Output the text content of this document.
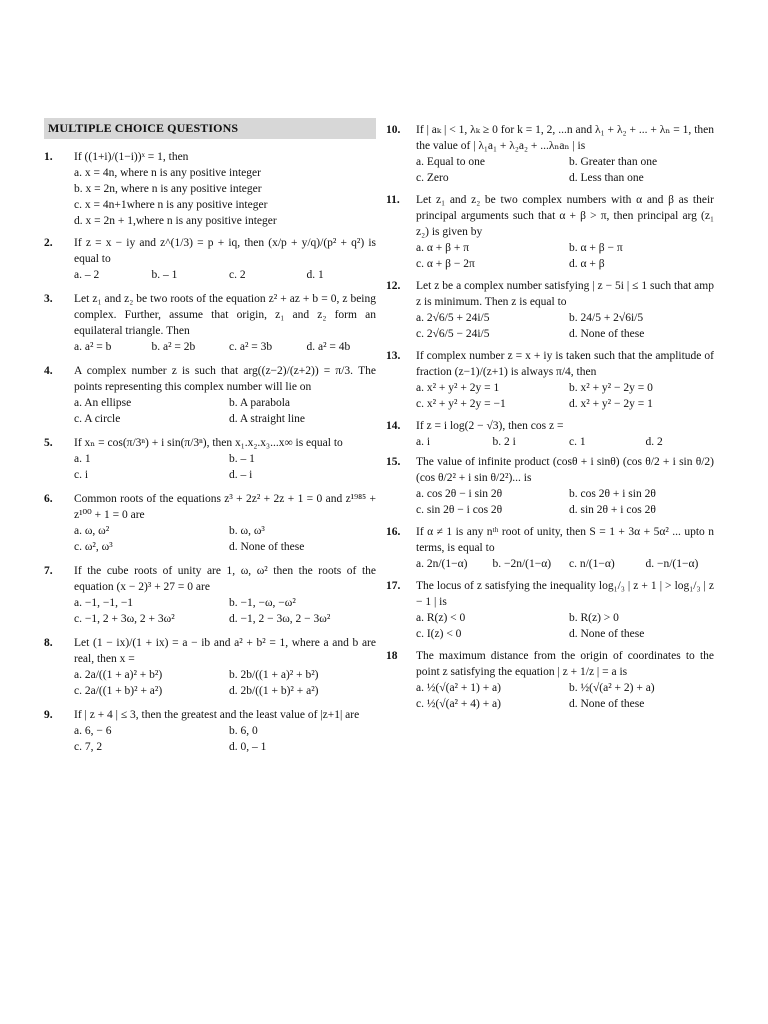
MULTIPLE CHOICE QUESTIONS
1. If ((1+i)/(1−i))ˣ = 1, then
a. x = 4n, where n is any positive integer
b. x = 2n, where n is any positive integer
c. x = 4n+1where n is any positive integer
d. x = 2n + 1,where n is any positive integer
2. If z = x − iy and z^(1/3) = p + iq, then (x/p + y/q)/(p² + q²) is equal to
a. – 2	b. – 1	c. 2	d. 1
3. Let z₁ and z₂ be two roots of the equation z² + az + b = 0, z being complex. Further, assume that origin, z₁ and z₂ form an equilateral triangle. Then
a. a² = b	b. a² = 2b	c. a² = 3b	d. a² = 4b
4. A complex number z is such that arg((z−2)/(z+2)) = π/3. The points representing this complex number will lie on
a. An ellipse	b. A parabola
c. A circle	d. A straight line
5. If xₙ = cos(π/3ⁿ) + i sin(π/3ⁿ), then x₁.x₂.x₃...x∞ is equal to
a. 1	b. – 1
c. i	d. – i
6. Common roots of the equations z³ + 2z² + 2z + 1 = 0 and z¹⁹⁸⁵ + z¹⁰⁰ + 1 = 0 are
a. ω, ω²	b. ω, ω³
c. ω², ω³	d. None of these
7. If the cube roots of unity are 1, ω, ω² then the roots of the equation (x − 2)³ + 27 = 0 are
a. −1, −1, −1	b. −1, −ω, −ω²
c. −1, 2 + 3ω, 2 + 3ω²	d. −1, 2 − 3ω, 2 − 3ω²
8. Let (1 − ix)/(1 + ix) = a − ib and a² + b² = 1, where a and b are real, then x =
a. 2a/((1 + a)² + b²)	b. 2b/((1 + a)² + b²)
c. 2a/((1 + b)² + a²)	d. 2b/((1 + b)² + a²)
9. If | z + 4 | ≤ 3, then the greatest and the least value of |z+1| are
a. 6, − 6	b. 6, 0
c. 7, 2	d. 0, – 1
10. If | aₖ | < 1, λₖ ≥ 0 for k = 1, 2, ...n and λ₁ + λ₂ + ... + λₙ = 1, then the value of | λ₁a₁ + λ₂a₂ + ...λₙaₙ | is
a. Equal to one	b. Greater than one
c. Zero	d. Less than one
11. Let z₁ and z₂ be two complex numbers with α and β as their principal arguments such that α + β > π, then principal arg (z₁ z₂) is given by
a. α + β + π	b. α + β − π
c. α + β − 2π	d. α + β
12. Let z be a complex number satisfying | z − 5i | ≤ 1 such that amp z is minimum. Then z is equal to
a. 2√6/5 + 24i/5	b. 24/5 + 2√6i/5
c. 2√6/5 − 24i/5	d. None of these
13. If complex number z = x + iy is taken such that the amplitude of fraction (z−1)/(z+1) is always π/4, then
a. x² + y² + 2y = 1	b. x² + y² − 2y = 0
c. x² + y² + 2y = −1	d. x² + y² − 2y = 1
14. If z = i log(2 − √3), then cos z =
a. i	b. 2 i	c. 1	d. 2
15. The value of infinite product (cosθ + i sinθ) (cos θ/2 + i sin θ/2)(cos θ/2² + i sin θ/2²)... is
a. cos 2θ − i sin 2θ	b. cos 2θ + i sin 2θ
c. sin 2θ − i cos 2θ	d. sin 2θ + i cos 2θ
16. If α ≠ 1 is any nᵗʰ root of unity, then S = 1 + 3α + 5α² ... upto n terms, is equal to
a. 2n/(1−α)	b. −2n/(1−α)	c. n/(1−α)	d. −n/(1−α)
17. The locus of z satisfying the inequality log₁/₃ | z + 1 | > log₁/₃ | z − 1 | is
a. R(z) < 0	b. R(z) > 0
c. I(z) < 0	d. None of these
18 The maximum distance from the origin of coordinates to the point z satisfying the equation | z + 1/z | = a is
a. ½(√(a² + 1) + a)	b. ½(√(a² + 2) + a)
c. ½(√(a² + 4) + a)	d. None of these
